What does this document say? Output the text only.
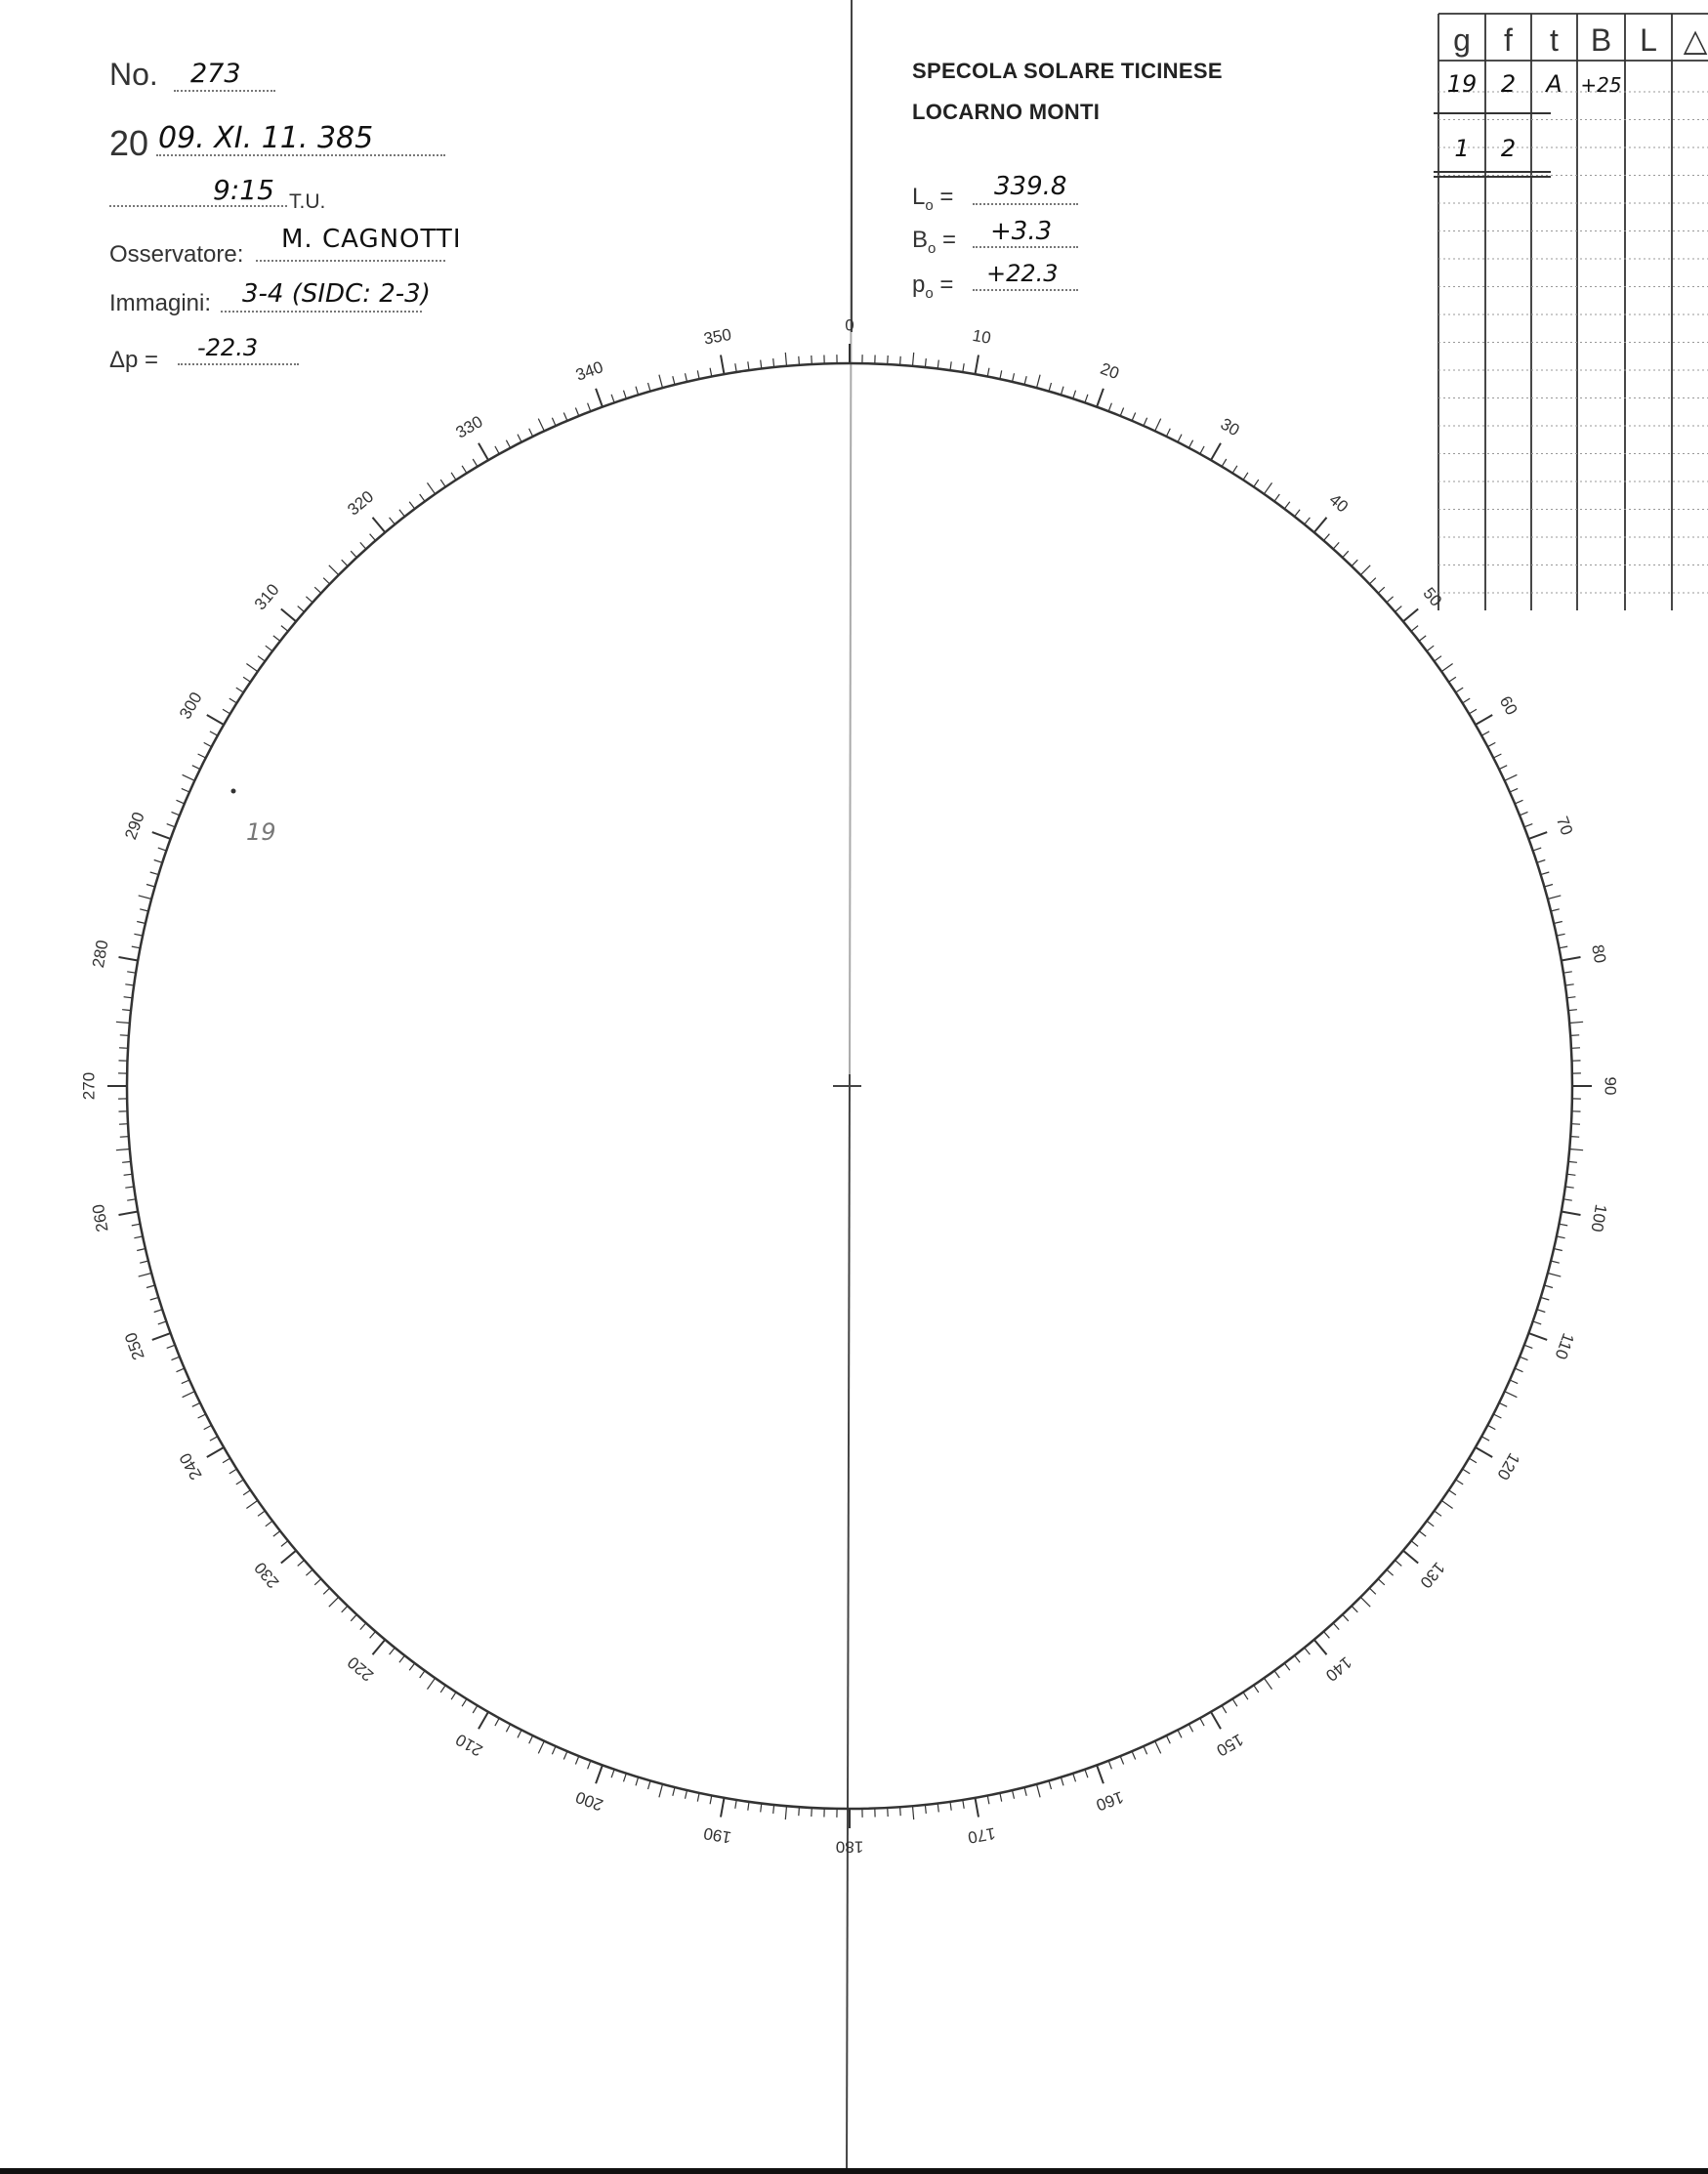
No. 273
20 09. XI. 11. 385
9:15 T.U.
Osservatore:
M. CAGNOTTI
Immagini: 3-4 (SIDC: 2-3)
Δp = -22.3
SPECOLA SOLARE TICINESE
LOCARNO MONTI
$L_o = 339.8$
$B_o = +3.3$
$p_o = +22.3$
0
10
20
30
40
50
60
70
80
90
100
110
120
130
140
150
160
170
180
190
200
210
220
230
240
250
260
270
280
290
300
310
320
330
340
350
19
g f t B L △
19 2 A +25
1 2
